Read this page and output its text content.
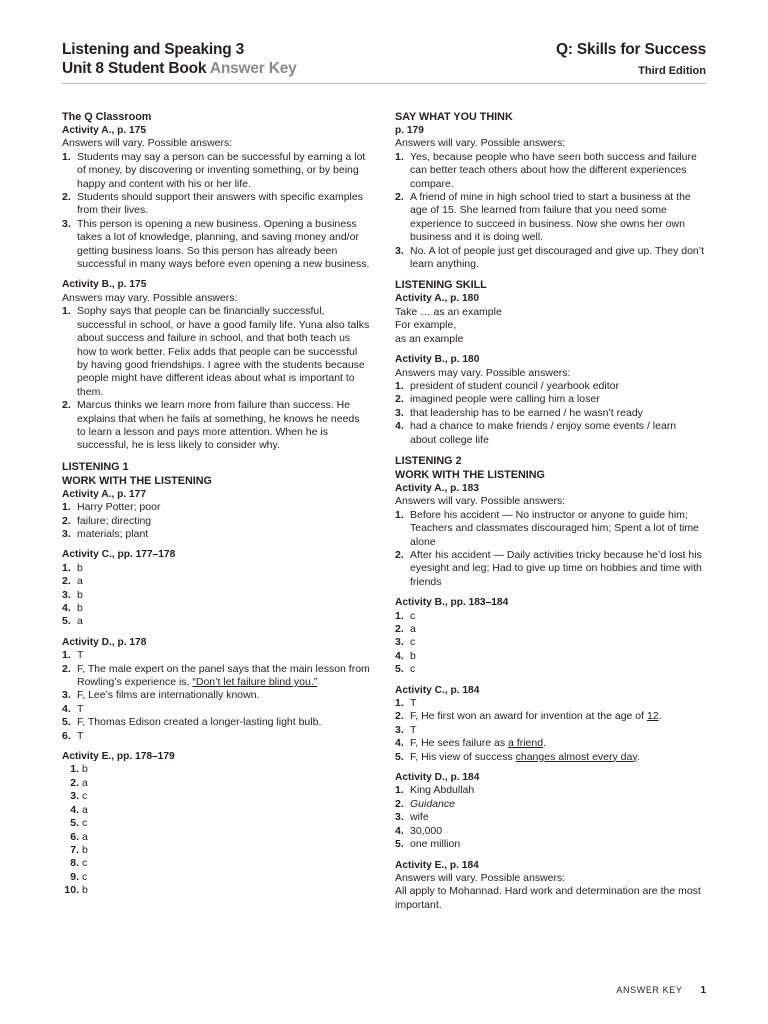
Listening and Speaking 3
Unit 8 Student Book Answer Key
Q: Skills for Success
Third Edition
The Q Classroom
Activity A., p. 175
Answers will vary. Possible answers:
1. Students may say a person can be successful by earning a lot of money, by discovering or inventing something, or by being happy and content with his or her life.
2. Students should support their answers with specific examples from their lives.
3. This person is opening a new business. Opening a business takes a lot of knowledge, planning, and saving money and/or getting business loans. So this person has already been successful in many ways before even opening a new business.
Activity B., p. 175
Answers may vary. Possible answers:
1. Sophy says that people can be financially successful, successful in school, or have a good family life. Yuna also talks about success and failure in school, and that both teach us how to work better. Felix adds that people can be successful by having good friendships. I agree with the students because people might have different ideas about what is important to them.
2. Marcus thinks we learn more from failure than success. He explains that when he fails at something, he knows he needs to learn a lesson and pays more attention. When he is successful, he is less likely to consider why.
LISTENING 1
WORK WITH THE LISTENING
Activity A., p. 177
1. Harry Potter; poor
2. failure; directing
3. materials; plant
Activity C., pp. 177–178
1. b
2. a
3. b
4. b
5. a
Activity D., p. 178
1. T
2. F, The male expert on the panel says that the main lesson from Rowling’s experience is, “Don’t let failure blind you.”
3. F, Lee’s films are internationally known.
4. T
5. F, Thomas Edison created a longer-lasting light bulb.
6. T
Activity E., pp. 178–179
1. b
2. a
3. c
4. a
5. c
6. a
7. b
8. c
9. c
10. b
SAY WHAT YOU THINK
p. 179
Answers will vary. Possible answers:
1. Yes, because people who have seen both success and failure can better teach others about how the different experiences compare.
2. A friend of mine in high school tried to start a business at the age of 15. She learned from failure that you need some experience to succeed in business. Now she owns her own business and it is doing well.
3. No. A lot of people just get discouraged and give up. They don’t learn anything.
LISTENING SKILL
Activity A., p. 180
Take … as an example
For example,
as an example
Activity B., p. 180
Answers may vary. Possible answers:
1. president of student council / yearbook editor
2. imagined people were calling him a loser
3. that leadership has to be earned / he wasn’t ready
4. had a chance to make friends / enjoy some events / learn about college life
LISTENING 2
WORK WITH THE LISTENING
Activity A., p. 183
Answers will vary. Possible answers:
1. Before his accident — No instructor or anyone to guide him; Teachers and classmates discouraged him; Spent a lot of time alone
2. After his accident — Daily activities tricky because he’d lost his eyesight and leg; Had to give up time on hobbies and time with friends
Activity B., pp. 183–184
1. c
2. a
3. c
4. b
5. c
Activity C., p. 184
1. T
2. F, He first won an award for invention at the age of 12.
3. T
4. F, He sees failure as a friend.
5. F, His view of success changes almost every day.
Activity D., p. 184
1. King Abdullah
2. Guidance
3. wife
4. 30,000
5. one million
Activity E., p. 184
Answers will vary. Possible answers:
All apply to Mohannad. Hard work and determination are the most important.
ANSWER KEY 1
